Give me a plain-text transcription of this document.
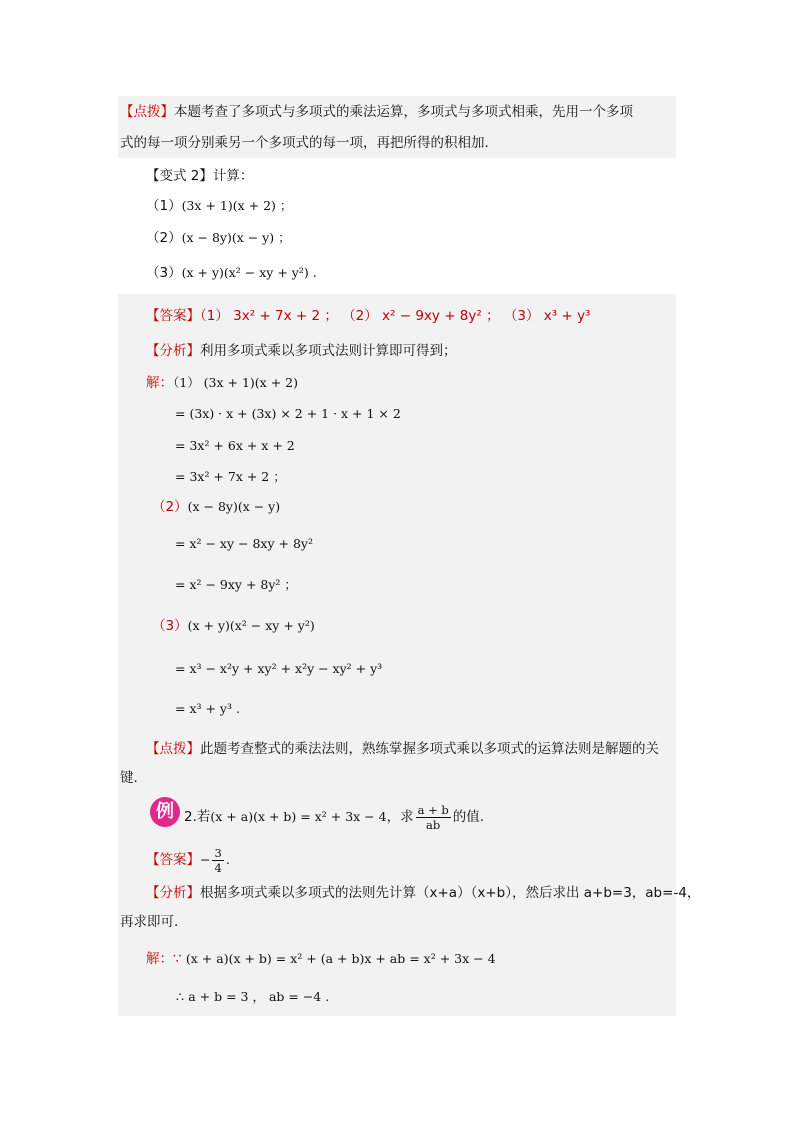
【点拨】本题考查了多项式与多项式的乘法运算，多项式与多项式相乘，先用一个多项
式的每一项分别乘另一个多项式的每一项，再把所得的积相加.
【变式 2】计算：
（1）(3x + 1)(x + 2) ；
（2）(x − 8y)(x − y) ；
（3）(x + y)(x² − xy + y²) .
【答案】（1） 3x² + 7x + 2 ； （2） x² − 9xy + 8y² ； （3） x³ + y³
【分析】利用多项式乘以多项式法则计算即可得到；
解：（1） (3x + 1)(x + 2)
= (3x) · x + (3x) × 2 + 1 · x + 1 × 2
= 3x² + 6x + x + 2
= 3x² + 7x + 2 ；
（2）(x − 8y)(x − y)
= x² − xy − 8xy + 8y²
= x² − 9xy + 8y² ；
（3）(x + y)(x² − xy + y²)
= x³ − x²y + xy² + x²y − xy² + y³
= x³ + y³ .
【点拨】此题考查整式的乘法法则，熟练掌握多项式乘以多项式的运算法则是解题的关
键.
例 2.若(x + a)(x + b) = x² + 3x − 4，求 $\frac{a + b}{ab}$ 的值.
【答案】− $\frac{3}{4}$ .
【分析】根据多项式乘以多项式的法则先计算（x+a）（x+b），然后求出 a+b=3，ab=-4，
再求即可.
解：∵ (x + a)(x + b) = x² + (a + b)x + ab = x² + 3x − 4
∴ a + b = 3 ， ab = −4 .
